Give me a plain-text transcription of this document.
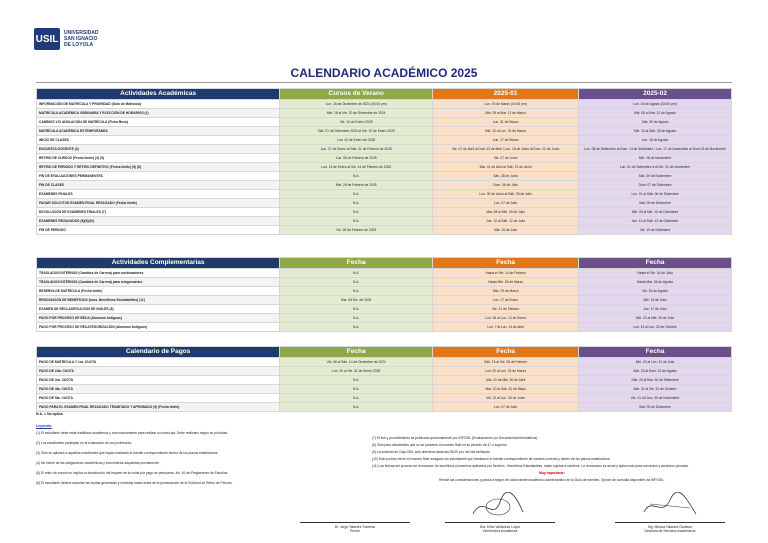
USIL
UNIVERSIDAD
SAN IGNACIO
DE LOYOLA
CALENDARIO ACADÉMICO 2025
Actividades Académicas	Cursos de Verano	2025-01	2025-02
INFORMACIÓN DE MATRÍCULA Y PRIORIDAD (Sólo de Matrícula)	Lun. 16 de Diciembre de 2024 (04:00 pm)	Lun. 03 de Marzo (04:00 pm)	Lun. 04 de Agosto (04:00 pm)
MATRÍCULA ACADÉMICA ORDINARIA Y ELECCIÓN DE HORARIOS (1)	Mié. 18 al Vie. 20 de Diciembre de 2024	Mié. 05 al Mar. 11 de Marzo	Mié. 06 al Mar. 12 de Agosto
CAMBIOS Y/O ANULACIÓN DE MATRÍCULA (Ficha Beca)	Vie. 10 de Enero 2025	Lun. 31 de Marzo	Sáb. 30 de Agosto
MATRÍCULA ACADÉMICA EXTEMPORÁNEA	Sáb. 21 de Diciembre 2024 al Vie. 10 de Enero 2025	Mié. 12 al Lun. 31 de Marzo	Mié. 13 al Sáb. 30 de Agosto
INICIO DE CLASES	Lun. 02 de Enero de 2025	Lun. 17 de Marzo	Lun. 18 de Agosto
ENCUESTA DOCENTE (2)	Lun. 27 de Enero al Sáb. 01 de Febrero de 2025	Vie. 07 de Abril al Dom.13 de Abril / Lun. 16 de Junio al Dom. 22 de Junio	Lun. 08 de Setiembre al Dom. 14 de Setiembre / Lun. 17 de Noviembre al Dom 23 de Noviembre
RETIRO DE CURSOS (Fecha límite) (4) (5)	Lun. 05 de Febrero de 2025	Vie. 27 de Junio	Mié. 26 de Noviembre
RETIRO DE PERIODO Y RETIRO DEFINITIVO (Fecha límite) (5) (6)	Lun. 13 de Enero al Vie. 14 de Febrero de 2025	Mar. 01 de Abril al Sáb. 21 de Junio	Lun. 01 de Setiembre a al Vie. 21 de Noviembre
FIN DE EVALUACIONES PERMANENTES	N.A.	Sáb. 28 de Junio	Sáb. 29 de Noviembre
FIN DE CLASES	Mié. 26 de Febrero de 2025	Dom. 06 de Julio	Dom. 07 de Diciembre
EXÁMENES FINALES	N.A.	Lun. 30 de Junio al Sáb. 05 de Julio	Lun. 01 al Sáb. 06 de Diciembre
PAGAR SOLICITUD EXAMEN FINAL REZAGADO (Fecha límite)	N.A.	Lun. 07 de Julio	Mar. 09 de Diciembre
DEVOLUCIÓN DE EXÁMENES FINALES (7)	N.A.	Mar. 08 al Mié. 09 de Julio	Mié. 09 al Mié. 10 de Diciembre
EXÁMENES REZAGADOS (8)(9)(10)	N.A.	Jue. 10 al Sáb. 12 de Julio	Jue. 11 al Sáb. 13 de Diciembre
FIN DE PERIODO	Vie. 28 de Febrero de 2025	Mar. 15 de Julio	Vie. 19 de Diciembre
Actividades Complementarias	Fecha	Fecha	Fecha
TRASLADOS INTERNOS (Cambios de Carrera) para continuadores	N.A.	Hasta el Vie. 14 de Febrero	Hasta el Vie. 04 de Julio
TRASLADOS INTERNOS (Cambios de Carrera) para reingresantes	N.A.	Hasta Mié. 26 de Marzo	Hasta Mar. 26 de Agosto
RESERVA DE MATRÍCULA (Fecha límite)	N.A.	Sáb. 29 de Marzo	Vie. 15 de Agosto
RENOVACIÓN DE BENEFICIOS (becs. Beneficios Estudiantiles) (11)	Mar. 05 Dic. de 2024	Lun. 17 de Enero	Mié. 16 de Julio
EXAMEN DE RECLASIFICACIÓN DE INGLÉS (8)	N.A.	Vie. 21 de Febrero	Jue. 17 de Julio
PAGO POR PROCESO DE BECA (Alumnos Antiguos)	N.A.	Lun. 06 al Lun. 13 de Enero	Mié. 23 al Mié. 30 de Julio
PAGO POR PROCESO DE RECATEGORIZACIÓN (Alumnos Antiguos)	N.A.	Lun. 7 al Lun. 14 de Abril	Lun. 13 al Lun. 20 de Octubre
Calendario de Pagos	Fecha	Fecha	Fecha
PAGO DE MATRÍCULA Y 1ra. CUOTA	Vie. 06 al Sáb. 14 de Diciembre de 2024	Sáb. 15 al Vie. 28 de Febrero	Mié. 23 al Lun. 31 de Julio
PAGO DE 2da. CUOTA	Lun. 20 al Vie. 31 de Enero 2025	Lun. 20 al Lun. 31 de Marzo	Sáb. 23 al Dom. 31 de Agosto
PAGO DE 3ra. CUOTA	N.A.	Mar. 22 de Mié. 30 de Abril	Sáb. 20 al Mar. 30 de Setiembre
PAGO DE 4ta. CUOTA	N.A.	Mar. 20 al Sáb. 31 de Mayo	Mar. 21 al Vie. 31 de Octubre
PAGO DE 5ta. CUOTA	N.A.	Vie. 21 al Lun. 30 de Junio	Vie. 21 al Dom. 30 de Noviembre
PAGO PARA EL EXAMEN FINAL REZAGADO TRAMITADO Y APROBADO (9) (Fecha límite)	N.A.	Lun. 07 de Julio	Mar. 09 de Diciembre
N.A. = No aplica.
Leyenda:

(1) El estudiante debe estar habilitado académica y económicamente para realizar su matrícula. Debe realizarlo según su prioridad.

(2) Los estudiantes participan en la evaluación de sus profesores.

(3) Sólo se aplicará a aquellos estudiantes que hayan realizado el trámite correspondiente dentro de los plazos establecidos.

(4) No exime de las obligaciones académicas y económicas adquiridas previamente.

(5) El retiro de cursos no implica la disminución del importe de la cuota por pago de pensiones. Art. 16 del Reglamento de Estudios.

(6) El estudiante deberá cancelar las cuotas generadas y vencidas hasta antes de la presentación de la Solicitud de Retiro de Periodo.

(7) El link y procedimiento se publicará oportunamente por INFOSIL (Evaluaciones y/o Documentos/Informativos).

(8) Sólo para estudiantes que no se presentó al examen final en su periodo de 47 o superior.

(9) La solicitud de Caja USIL sólo atenderá hasta las 06:00 pm. del día señalado.

(10) Sólo podrán rendir el examen final rezagado los estudiantes que tramitaron el trámite correspondiente de manera correcta y dentro de los plazos establecidos.

(11) Las fechas del proceso de renovación de beneficios (convenios aplicados por Servicio - Beneficios Estudiantiles, están sujetas a cambios. La renovación es anual y aplica solo para convenios y acuerdos privados.

Muy Importante:

Revise las consideraciones y pasos a seguir de cada trámite académico administrativo en la Guía de trámites, Opción de consulta disponible vía INFOSIL.

Dr. Jorge Talavera Traverso
Rector
Dra. Erika Valdivieso López
Vicerrectora Académica
Mg. Mónica Talavera Gamboa
Directora de Servicios Académicos
